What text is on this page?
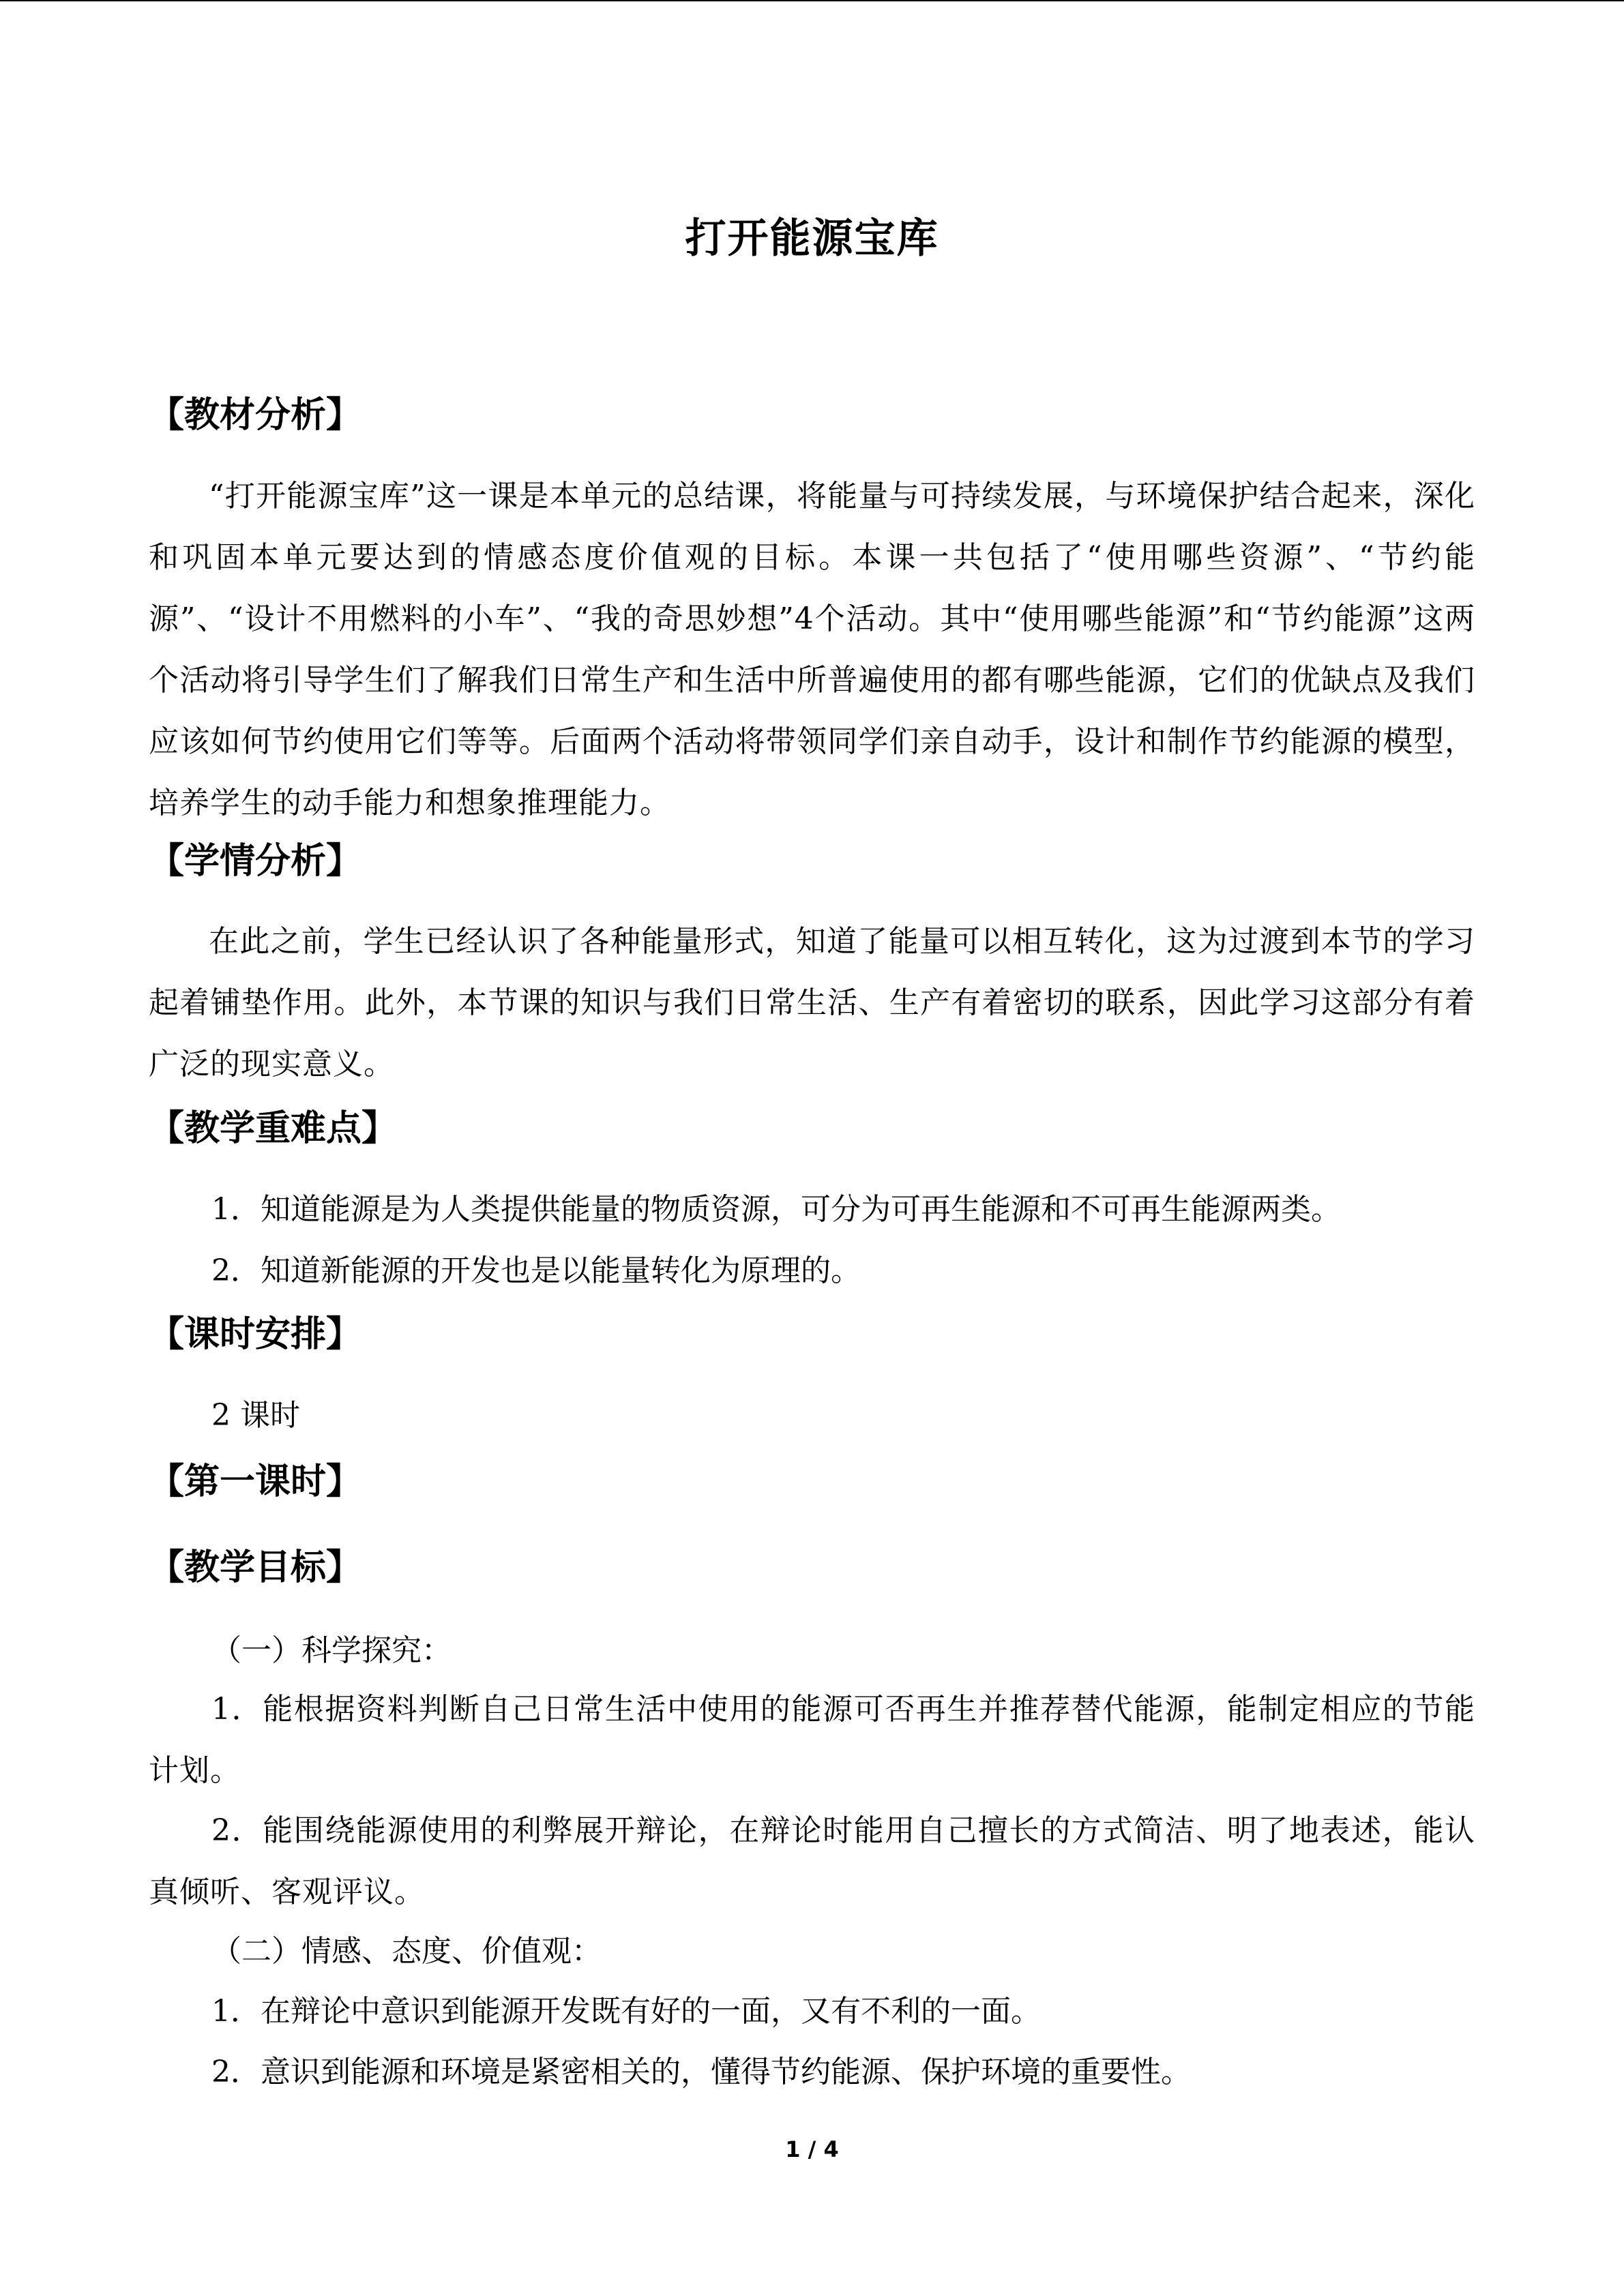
打开能源宝库
【教材分析】
“打开能源宝库”这一课是本单元的总结课，将能量与可持续发展，与环境保护结合起来，深化和巩固本单元要达到的情感态度价值观的目标。本课一共包括了“使用哪些资源”、“节约能源”、“设计不用燃料的小车”、“我的奇思妙想”4个活动。其中“使用哪些能源”和“节约能源”这两个活动将引导学生们了解我们日常生产和生活中所普遍使用的都有哪些能源，它们的优缺点及我们应该如何节约使用它们等等。后面两个活动将带领同学们亲自动手，设计和制作节约能源的模型，培养学生的动手能力和想象推理能力。
【学情分析】
在此之前，学生已经认识了各种能量形式，知道了能量可以相互转化，这为过渡到本节的学习起着铺垫作用。此外，本节课的知识与我们日常生活、生产有着密切的联系，因此学习这部分有着广泛的现实意义。
【教学重难点】
1．知道能源是为人类提供能量的物质资源，可分为可再生能源和不可再生能源两类。
2．知道新能源的开发也是以能量转化为原理的。
【课时安排】
2 课时
【第一课时】
【教学目标】
（一）科学探究：
1．能根据资料判断自己日常生活中使用的能源可否再生并推荐替代能源，能制定相应的节能计划。
2．能围绕能源使用的利弊展开辩论，在辩论时能用自己擅长的方式简洁、明了地表述，能认真倾听、客观评议。
（二）情感、态度、价值观：
1．在辩论中意识到能源开发既有好的一面，又有不利的一面。
2．意识到能源和环境是紧密相关的，懂得节约能源、保护环境的重要性。
1 / 4
